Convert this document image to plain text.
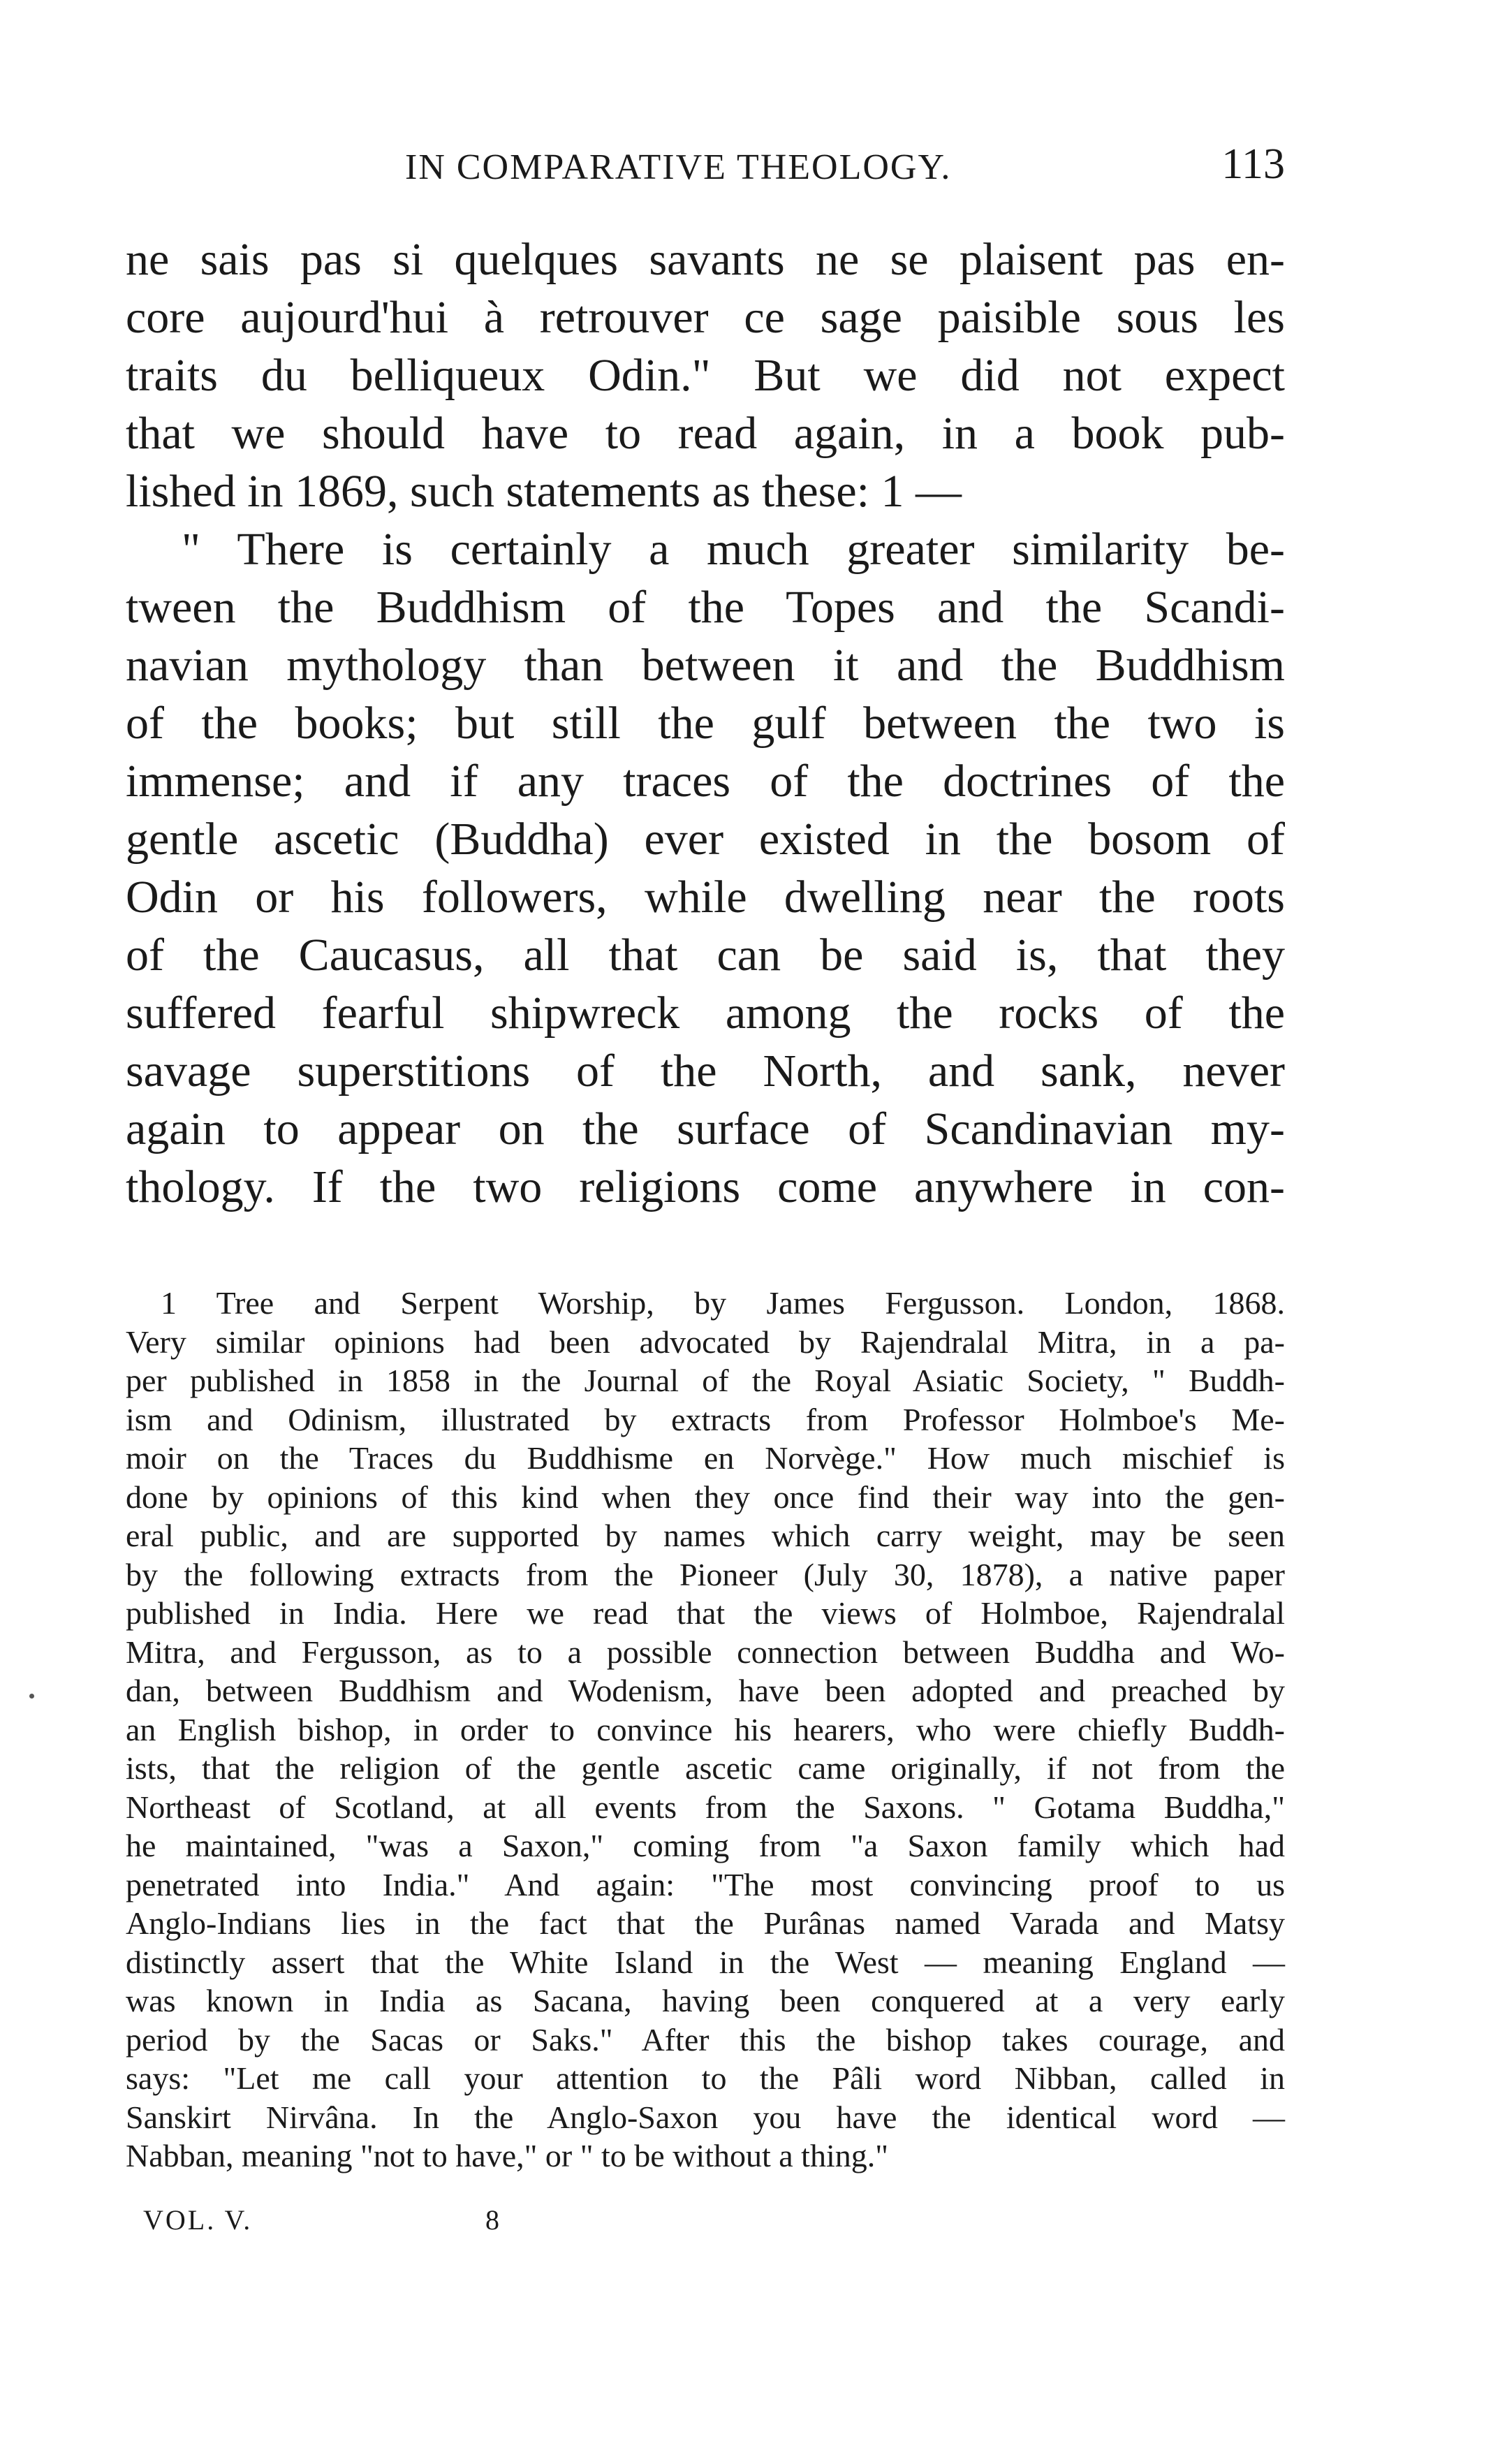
IN COMPARATIVE THEOLOGY.	113
ne sais pas si quelques savants ne se plaisent pas en-
core aujourd'hui à retrouver ce sage paisible sous les
traits du belliqueux Odin." But we did not expect
that we should have to read again, in a book pub-
lished in 1869, such statements as these: 1 —
" There is certainly a much greater similarity be-
tween the Buddhism of the Topes and the Scandi-
navian mythology than between it and the Buddhism
of the books; but still the gulf between the two is
immense; and if any traces of the doctrines of the
gentle ascetic (Buddha) ever existed in the bosom of
Odin or his followers, while dwelling near the roots
of the Caucasus, all that can be said is, that they
suffered fearful shipwreck among the rocks of the
savage superstitions of the North, and sank, never
again to appear on the surface of Scandinavian my-
thology. If the two religions come anywhere in con-
1 Tree and Serpent Worship, by James Fergusson. London, 1868.
Very similar opinions had been advocated by Rajendralal Mitra, in a pa-
per published in 1858 in the Journal of the Royal Asiatic Society, " Buddh-
ism and Odinism, illustrated by extracts from Professor Holmboe's Me-
moir on the Traces du Buddhisme en Norvège." How much mischief is
done by opinions of this kind when they once find their way into the gen-
eral public, and are supported by names which carry weight, may be seen
by the following extracts from the Pioneer (July 30, 1878), a native paper
published in India. Here we read that the views of Holmboe, Rajendralal
Mitra, and Fergusson, as to a possible connection between Buddha and Wo-
dan, between Buddhism and Wodenism, have been adopted and preached by
an English bishop, in order to convince his hearers, who were chiefly Buddh-
ists, that the religion of the gentle ascetic came originally, if not from the
Northeast of Scotland, at all events from the Saxons. " Gotama Buddha,"
he maintained, "was a Saxon," coming from "a Saxon family which had
penetrated into India." And again: "The most convincing proof to us
Anglo-Indians lies in the fact that the Purânas named Varada and Matsy
distinctly assert that the White Island in the West — meaning England —
was known in India as Sacana, having been conquered at a very early
period by the Sacas or Saks." After this the bishop takes courage, and
says: "Let me call your attention to the Pâli word Nibban, called in
Sanskirt Nirvâna. In the Anglo-Saxon you have the identical word —
Nabban, meaning "not to have," or " to be without a thing."
VOL. V.	8
